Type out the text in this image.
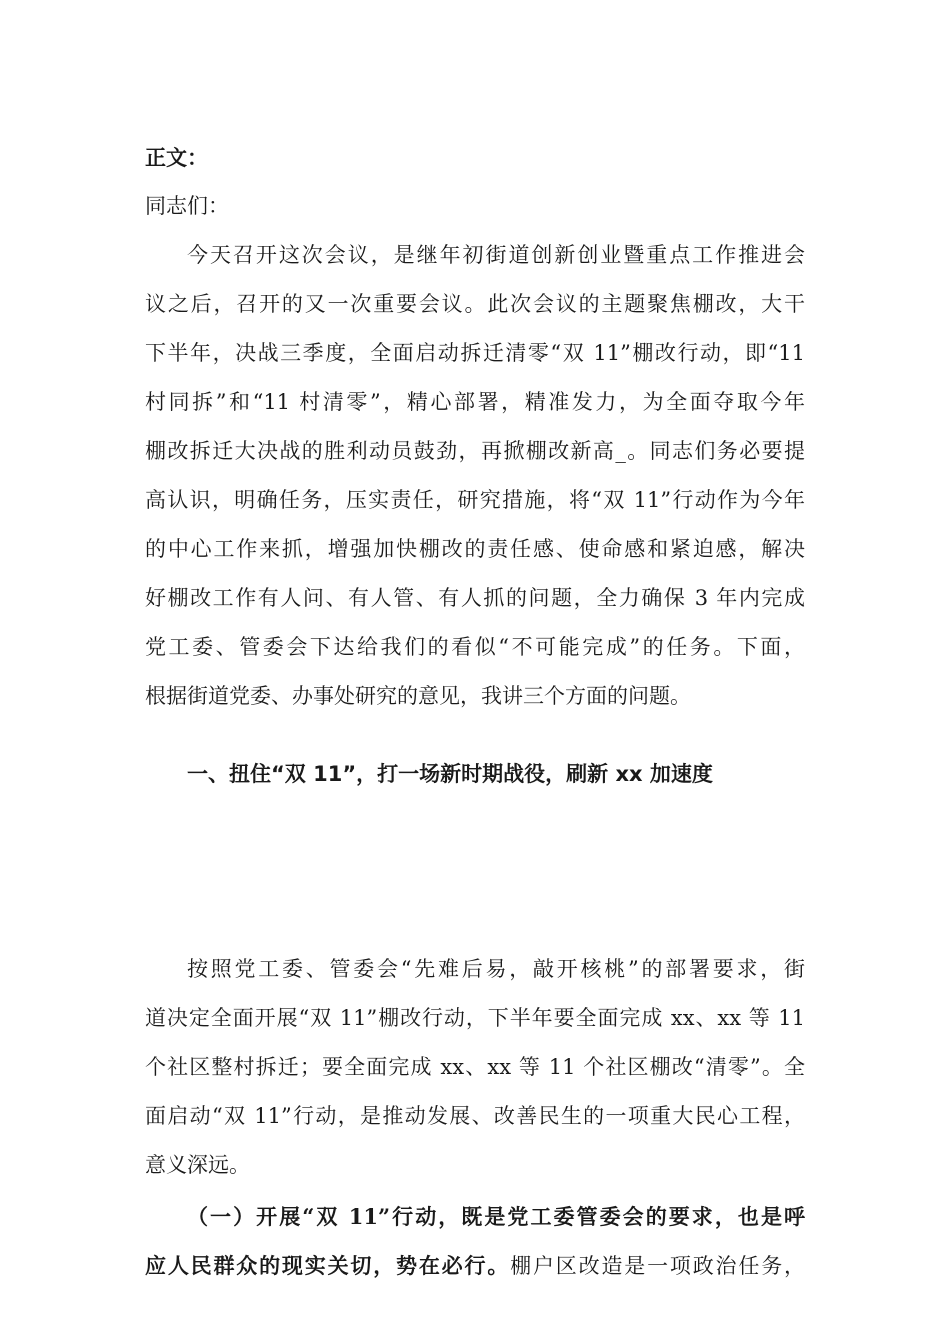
正文：
同志们：
今天召开这次会议，是继年初街道创新创业暨重点工作推进会
议之后，召开的又一次重要会议。此次会议的主题聚焦棚改，大干
下半年，决战三季度，全面启动拆迁清零“双 11”棚改行动，即“11
村同拆”和“11 村清零”，精心部署，精准发力，为全面夺取今年
棚改拆迁大决战的胜利动员鼓劲，再掀棚改新高_。同志们务必要提
高认识，明确任务，压实责任，研究措施，将“双 11”行动作为今年
的中心工作来抓，增强加快棚改的责任感、使命感和紧迫感，解决
好棚改工作有人问、有人管、有人抓的问题，全力确保 3 年内完成
党工委、管委会下达给我们的看似“不可能完成”的任务。下面，
根据街道党委、办事处研究的意见，我讲三个方面的问题。
一、扭住“双 11”，打一场新时期战役，刷新 xx 加速度
按照党工委、管委会“先难后易，敲开核桃”的部署要求，街
道决定全面开展“双 11”棚改行动，下半年要全面完成 xx、xx 等 11
个社区整村拆迁；要全面完成 xx、xx 等 11 个社区棚改“清零”。全
面启动“双 11”行动，是推动发展、改善民生的一项重大民心工程，
意义深远。
（一）开展“双 11”行动，既是党工委管委会的要求，也是呼
应人民群众的现实关切，势在必行。棚户区改造是一项政治任务，
